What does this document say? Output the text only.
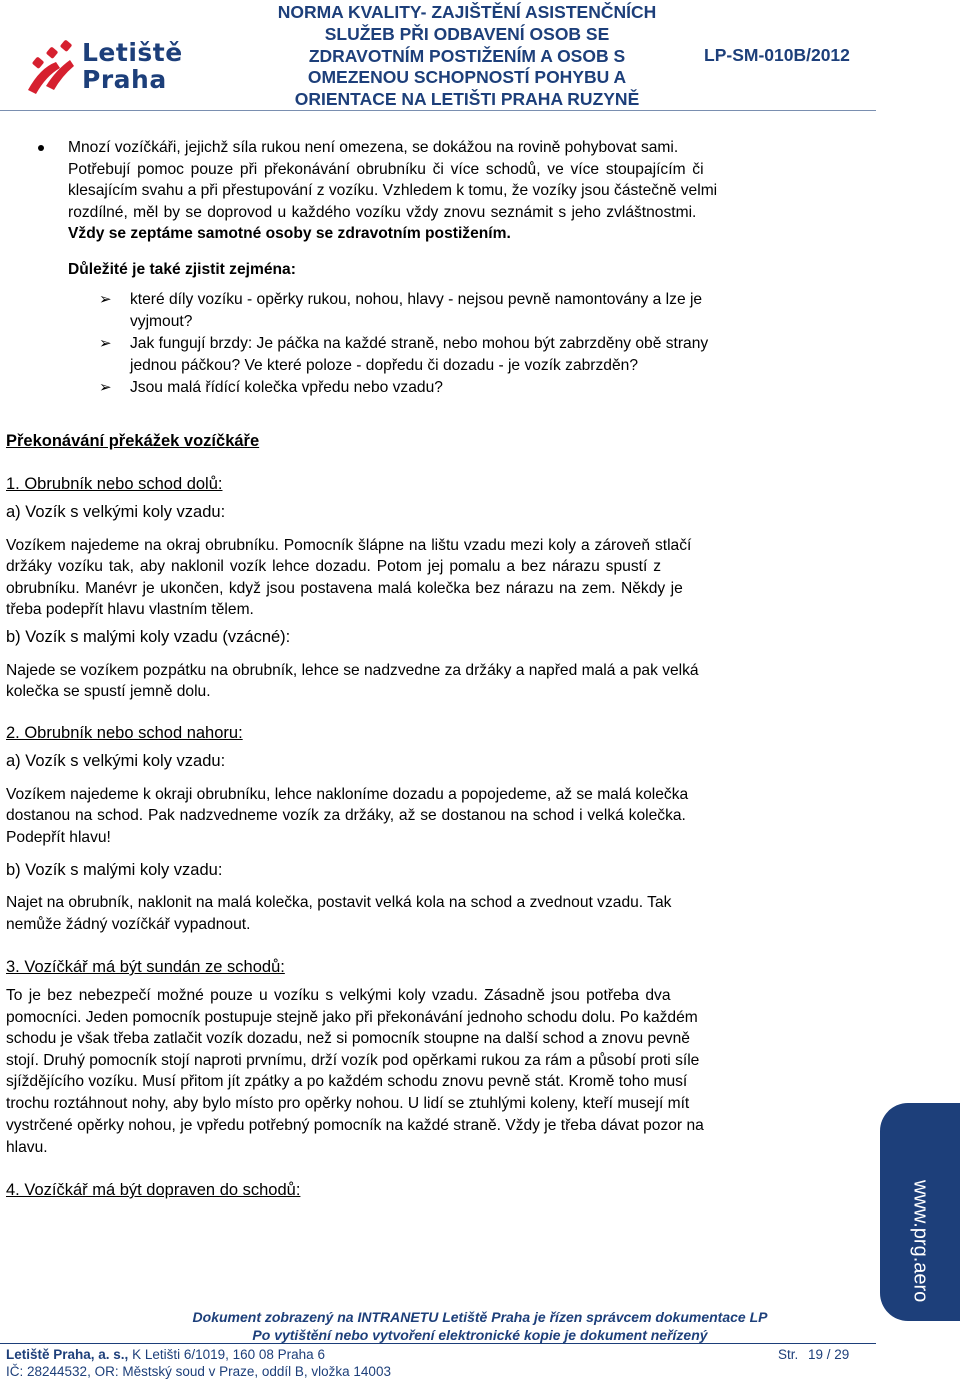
Letiště
Praha
NORMA KVALITY- ZAJIŠTĚNÍ ASISTENČNÍCH
SLUŽEB PŘI ODBAVENÍ OSOB SE
ZDRAVOTNÍM POSTIŽENÍM A OSOB S
OMEZENOU SCHOPNOSTÍ POHYBU A
ORIENTACE NA LETIŠTI PRAHA RUZYNĚ
LP-SM-010B/2012
Mnozí vozíčkáři, jejichž síla rukou není omezena, se dokážou na rovině pohybovat sami.
Potřebují pomoc pouze při překonávání obrubníku či více schodů, ve více stoupajícím či
klesajícím svahu a při přestupování z vozíku. Vzhledem k tomu, že vozíky jsou částečně velmi
rozdílné, měl by se doprovod u každého vozíku vždy znovu seznámit s jeho zvláštnostmi.
Vždy se zeptáme samotné osoby se zdravotním postižením.
Důležité je také zjistit zejména:
➢ které díly vozíku - opěrky rukou, nohou, hlavy - nejsou pevně namontovány a lze je
vyjmout?
➢ Jak fungují brzdy: Je páčka na každé straně, nebo mohou být zabrzděny obě strany
jednou páčkou? Ve které poloze - dopředu či dozadu - je vozík zabrzděn?
➢ Jsou malá řídící kolečka vpředu nebo vzadu?
Překonávání překážek vozíčkáře
1. Obrubník nebo schod dolů:
a) Vozík s velkými koly vzadu:
Vozíkem najedeme na okraj obrubníku. Pomocník šlápne na lištu vzadu mezi koly a zároveň stlačí
držáky vozíku tak, aby naklonil vozík lehce dozadu. Potom jej pomalu a bez nárazu spustí z
obrubníku. Manévr je ukončen, když jsou postavena malá kolečka bez nárazu na zem. Někdy je
třeba podepřít hlavu vlastním tělem.
b) Vozík s malými koly vzadu (vzácné):
Najede se vozíkem pozpátku na obrubník, lehce se nadzvedne za držáky a napřed malá a pak velká
kolečka se spustí jemně dolu.
2. Obrubník nebo schod nahoru:
a) Vozík s velkými koly vzadu:
Vozíkem najedeme k okraji obrubníku, lehce nakloníme dozadu a popojedeme, až se malá kolečka
dostanou na schod. Pak nadzvedneme vozík za držáky, až se dostanou na schod i velká kolečka.
Podepřít hlavu!
b) Vozík s malými koly vzadu:
Najet na obrubník, naklonit na malá kolečka, postavit velká kola na schod a zvednout vzadu. Tak
nemůže žádný vozíčkář vypadnout.
3. Vozíčkář má být sundán ze schodů:
To je bez nebezpečí možné pouze u vozíku s velkými koly vzadu. Zásadně jsou potřeba dva
pomocníci. Jeden pomocník postupuje stejně jako při překonávání jednoho schodu dolu. Po každém
schodu je však třeba zatlačit vozík dozadu, než si pomocník stoupne na další schod a znovu pevně
stojí. Druhý pomocník stojí naproti prvnímu, drží vozík pod opěrkami rukou za rám a působí proti síle
sjíždějícího vozíku. Musí přitom jít zpátky a po každém schodu znovu pevně stát. Kromě toho musí
trochu roztáhnout nohy, aby bylo místo pro opěrky nohou. U lidí se ztuhlými koleny, kteří musejí mít
vystrčené opěrky nohou, je vpředu potřebný pomocník na každé straně. Vždy je třeba dávat pozor na
hlavu.
4. Vozíčkář má být dopraven do schodů:	www.prg.aero
Dokument zobrazený na INTRANETU Letiště Praha je řízen správcem dokumentace LP
Po vytištění nebo vytvoření elektronické kopie je dokument neřízený
Letiště Praha, a. s., K Letišti 6/1019, 160 08 Praha 6
IČ: 28244532, OR: Městský soud v Praze, oddíl B, vložka 14003
Str. 19 / 29
